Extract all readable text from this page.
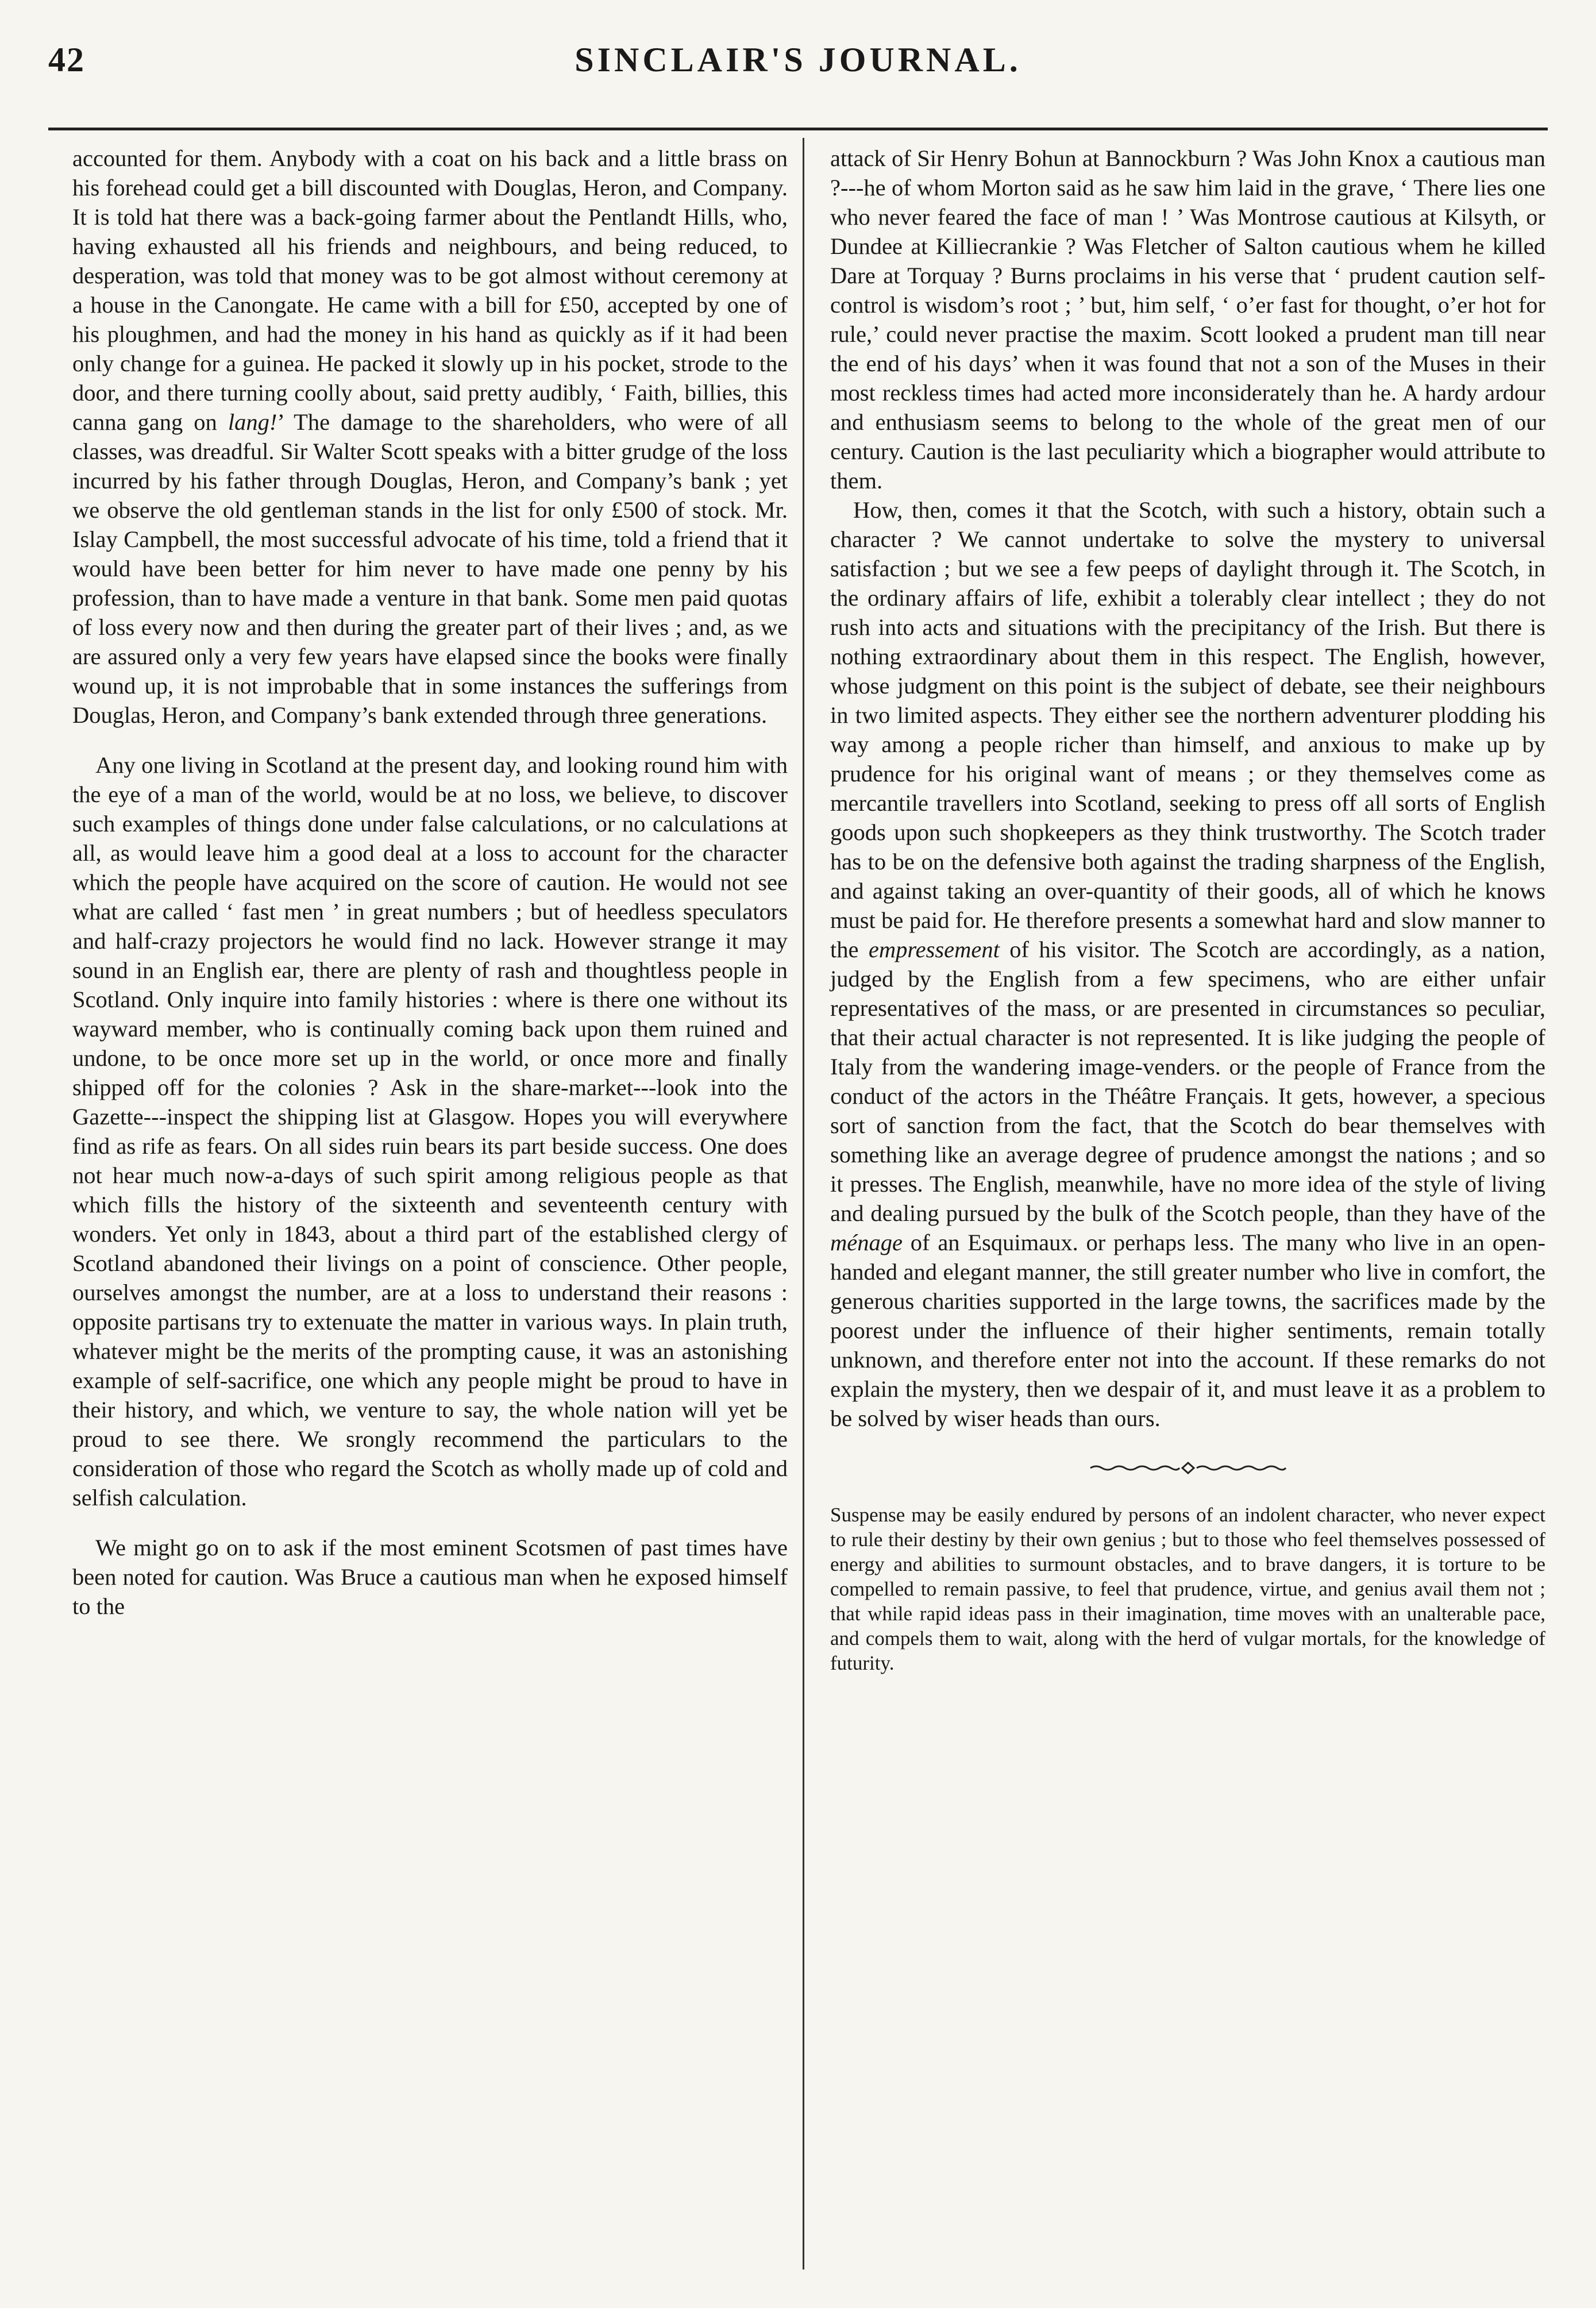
42	SINCLAIR'S JOURNAL.

accounted for them. Anybody with a coat on his back and a little brass on his forehead could get a bill discounted with Douglas, Heron, and Company. It is told hat there was a back-going farmer about the Pentlandt Hills, who, having exhausted all his friends and neighbours, and being reduced, to desperation, was told that money was to be got almost without ceremony at a house in the Canongate. He came with a bill for £50, accepted by one of his ploughmen, and had the money in his hand as quickly as if it had been only change for a guinea. He packed it slowly up in his pocket, strode to the door, and there turning coolly about, said pretty audibly, ‘ Faith, billies, this canna gang on lang!’ The damage to the shareholders, who were of all classes, was dreadful. Sir Walter Scott speaks with a bitter grudge of the loss incurred by his father through Douglas, Heron, and Company’s bank ; yet we observe the old gentleman stands in the list for only £500 of stock. Mr. Islay Campbell, the most successful advocate of his time, told a friend that it would have been better for him never to have made one penny by his profession, than to have made a venture in that bank. Some men paid quotas of loss every now and then during the greater part of their lives ; and, as we are assured only a very few years have elapsed since the books were finally wound up, it is not improbable that in some instances the sufferings from Douglas, Heron, and Company’s bank extended through three generations.

Any one living in Scotland at the present day, and looking round him with the eye of a man of the world, would be at no loss, we believe, to discover such examples of things done under false calculations, or no calculations at all, as would leave him a good deal at a loss to account for the character which the people have acquired on the score of caution. He would not see what are called ‘ fast men ’ in great numbers ; but of heedless speculators and half-crazy projectors he would find no lack. However strange it may sound in an English ear, there are plenty of rash and thoughtless people in Scotland. Only inquire into family histories : where is there one without its wayward member, who is continually coming back upon them ruined and undone, to be once more set up in the world, or once more and finally shipped off for the colonies ? Ask in the share-market---look into the Gazette---inspect the shipping list at Glasgow. Hopes you will everywhere find as rife as fears. On all sides ruin bears its part beside success. One does not hear much now-a-days of such spirit among religious people as that which fills the history of the sixteenth and seventeenth century with wonders. Yet only in 1843, about a third part of the established clergy of Scotland abandoned their livings on a point of conscience. Other people, ourselves amongst the number, are at a loss to understand their reasons : opposite partisans try to extenuate the matter in various ways. In plain truth, whatever might be the merits of the prompting cause, it was an astonishing example of self-sacrifice, one which any people might be proud to have in their history, and which, we venture to say, the whole nation will yet be proud to see there. We srongly recommend the particulars to the consideration of those who regard the Scotch as wholly made up of cold and selfish calculation.

We might go on to ask if the most eminent Scotsmen of past times have been noted for caution. Was Bruce a cautious man when he exposed himself to the

attack of Sir Henry Bohun at Bannockburn ? Was John Knox a cautious man ?---he of whom Morton said as he saw him laid in the grave, ‘ There lies one who never feared the face of man ! ’ Was Montrose cautious at Kilsyth, or Dundee at Killiecrankie ? Was Fletcher of Salton cautious whem he killed Dare at Torquay ? Burns proclaims in his verse that ‘ prudent caution self-control is wisdom’s root ; ’ but, him self, ‘ o’er fast for thought, o’er hot for rule,’ could never practise the maxim. Scott looked a prudent man till near the end of his days’ when it was found that not a son of the Muses in their most reckless times had acted more inconsiderately than he. A hardy ardour and enthusiasm seems to belong to the whole of the great men of our century. Caution is the last peculiarity which a biographer would attribute to them.

How, then, comes it that the Scotch, with such a history, obtain such a character ? We cannot undertake to solve the mystery to universal satisfaction ; but we see a few peeps of daylight through it. The Scotch, in the ordinary affairs of life, exhibit a tolerably clear intellect ; they do not rush into acts and situations with the precipitancy of the Irish. But there is nothing extraordinary about them in this respect. The English, however, whose judgment on this point is the subject of debate, see their neighbours in two limited aspects. They either see the northern adventurer plodding his way among a people richer than himself, and anxious to make up by prudence for his original want of means ; or they themselves come as mercantile travellers into Scotland, seeking to press off all sorts of English goods upon such shopkeepers as they think trustworthy. The Scotch trader has to be on the defensive both against the trading sharpness of the English, and against taking an over-quantity of their goods, all of which he knows must be paid for. He therefore presents a somewhat hard and slow manner to the empressement of his visitor. The Scotch are accordingly, as a nation, judged by the English from a few specimens, who are either unfair representatives of the mass, or are presented in circumstances so peculiar, that their actual character is not represented. It is like judging the people of Italy from the wandering image-venders. or the people of France from the conduct of the actors in the Théâtre Français. It gets, however, a specious sort of sanction from the fact, that the Scotch do bear themselves with something like an average degree of prudence amongst the nations ; and so it presses. The English, meanwhile, have no more idea of the style of living and dealing pursued by the bulk of the Scotch people, than they have of the ménage of an Esquimaux. or perhaps less. The many who live in an open-handed and elegant manner, the still greater number who live in comfort, the generous charities supported in the large towns, the sacrifices made by the poorest under the influence of their higher sentiments, remain totally unknown, and therefore enter not into the account. If these remarks do not explain the mystery, then we despair of it, and must leave it as a problem to be solved by wiser heads than ours.

Suspense may be easily endured by persons of an indolent character, who never expect to rule their destiny by their own genius ; but to those who feel themselves possessed of energy and abilities to surmount obstacles, and to brave dangers, it is torture to be compelled to remain passive, to feel that prudence, virtue, and genius avail them not ; that while rapid ideas pass in their imagination, time moves with an unalterable pace, and compels them to wait, along with the herd of vulgar mortals, for the knowledge of futurity.
